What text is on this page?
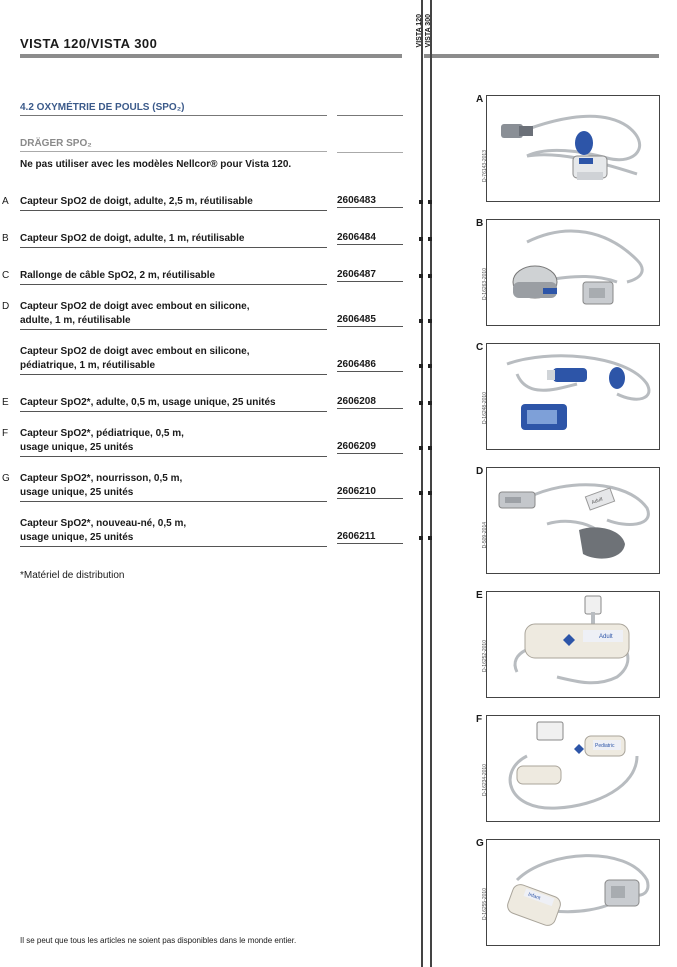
VISTA 120/VISTA 300	VISTA 120 VISTA 300
4.2 OXYMÉTRIE DE POULS (SPO₂)
DRÄGER SPO₂
Ne pas utiliser avec les modèles Nellcor® pour Vista 120.
A Capteur SpO2 de doigt, adulte, 2,5 m, réutilisable	2606483
B Capteur SpO2 de doigt, adulte, 1 m, réutilisable	2606484
C Rallonge de câble SpO2, 2 m, réutilisable	2606487
D Capteur SpO2 de doigt avec embout en silicone,
adulte, 1 m, réutilisable	2606485
Capteur SpO2 de doigt avec embout en silicone,
pédiatrique, 1 m, réutilisable	2606486
E Capteur SpO2*, adulte, 0,5 m, usage unique, 25 unités	2606208
F Capteur SpO2*, pédiatrique, 0,5 m,
usage unique, 25 unités	2606209
G Capteur SpO2*, nourrisson, 0,5 m,
usage unique, 25 unités	2606210
Capteur SpO2*, nouveau-né, 0,5 m,
usage unique, 25 unités	2606211
*Matériel de distribution
Il se peut que tous les articles ne soient pas disponibles dans le monde entier.
A
D-76143-2013
B
D-16263-2010
C
D-16248-2010
D
Adult
D-509-2014
E
Adult
D-16252-2010
F
Pediatric
D-16234-2010
G
Infant
D-16255-2010
